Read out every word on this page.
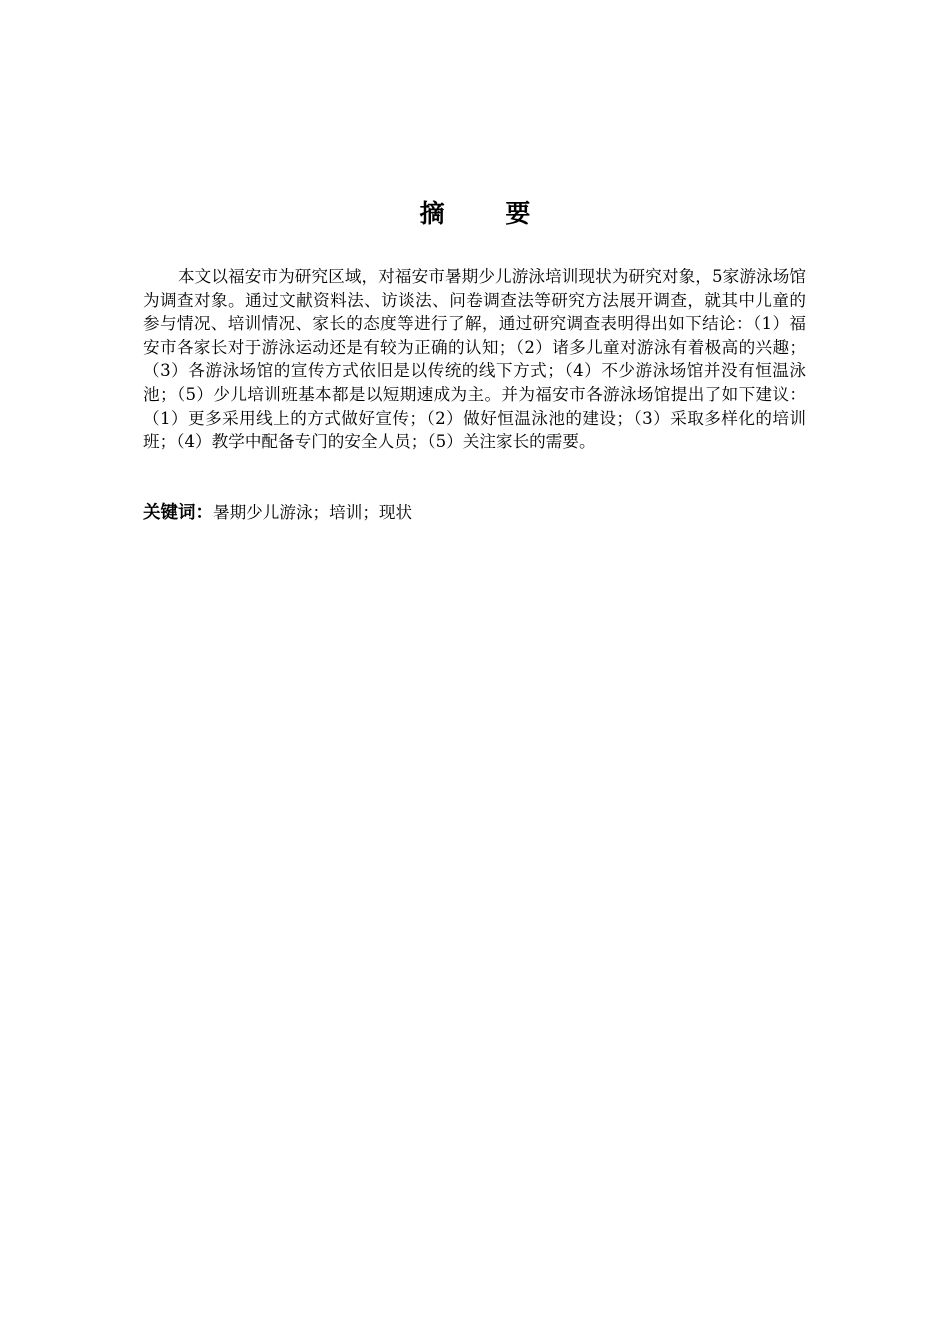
摘 要

本文以福安市为研究区域，对福安市暑期少儿游泳培训现状为研究对象，5家游泳场馆为调查对象。通过文献资料法、访谈法、问卷调查法等研究方法展开调查，就其中儿童的参与情况、培训情况、家长的态度等进行了解，通过研究调查表明得出如下结论：（1）福安市各家长对于游泳运动还是有较为正确的认知；（2）诸多儿童对游泳有着极高的兴趣；（3）各游泳场馆的宣传方式依旧是以传统的线下方式；（4）不少游泳场馆并没有恒温泳池；（5）少儿培训班基本都是以短期速成为主。并为福安市各游泳场馆提出了如下建议：（1）更多采用线上的方式做好宣传；（2）做好恒温泳池的建设；（3）采取多样化的培训班；（4）教学中配备专门的安全人员；（5）关注家长的需要。

关键词：暑期少儿游泳；培训；现状
